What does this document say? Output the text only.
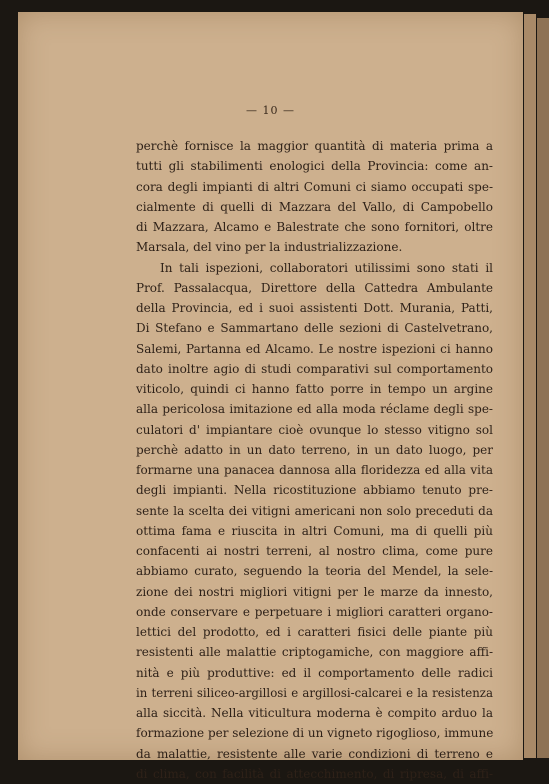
— 10 —
perchè fornisce la maggior quantità di materia prima a
tutti gli stabilimenti enologici della Provincia: come an-
cora degli impianti di altri Comuni ci siamo occupati spe-
cialmente di quelli di Mazzara del Vallo, di Campobello
di Mazzara, Alcamo e Balestrate che sono fornitori, oltre
Marsala, del vino per la industrializzazione.
In tali ispezioni, collaboratori utilissimi sono stati il
Prof. Passalacqua, Direttore della Cattedra Ambulante
della Provincia, ed i suoi assistenti Dott. Murania, Patti,
Di Stefano e Sammartano delle sezioni di Castelvetrano,
Salemi, Partanna ed Alcamo. Le nostre ispezioni ci hanno
dato inoltre agio di studi comparativi sul comportamento
viticolo, quindi ci hanno fatto porre in tempo un argine
alla pericolosa imitazione ed alla moda réclame degli spe-
culatori d' impiantare cioè ovunque lo stesso vitigno sol
perchè adatto in un dato terreno, in un dato luogo, per
formarne una panacea dannosa alla floridezza ed alla vita
degli impianti. Nella ricostituzione abbiamo tenuto pre-
sente la scelta dei vitigni americani non solo preceduti da
ottima fama e riuscita in altri Comuni, ma di quelli più
confacenti ai nostri terreni, al nostro clima, come pure
abbiamo curato, seguendo la teoria del Mendel, la sele-
zione dei nostri migliori vitigni per le marze da innesto,
onde conservare e perpetuare i migliori caratteri organo-
lettici del prodotto, ed i caratteri fisici delle piante più
resistenti alle malattie criptogamiche, con maggiore affi-
nità e più produttive: ed il comportamento delle radici
in terreni siliceo-argillosi e argillosi-calcarei e la resistenza
alla siccità. Nella viticultura moderna è compito arduo la
formazione per selezione di un vigneto rigoglioso, immune
da malattie, resistente alle varie condizioni di terreno e
di clima, con facilità di attecchimento, di ripresa, di affi-
